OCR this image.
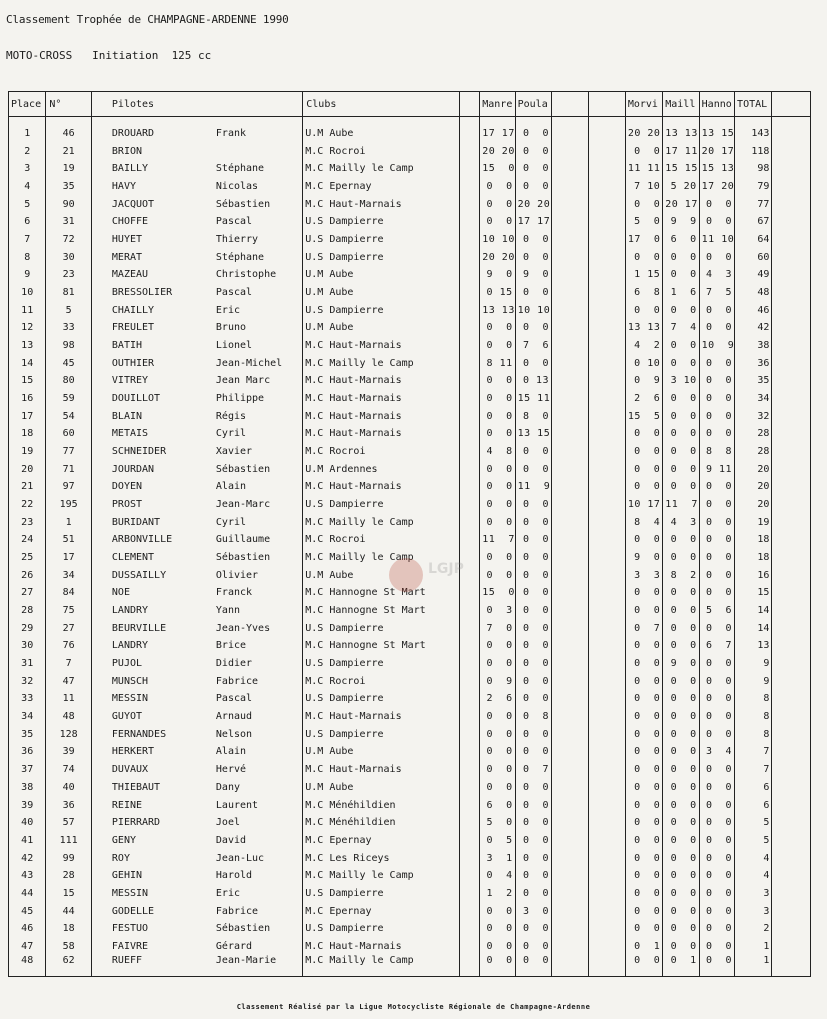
Classement Trophée de CHAMPAGNE-ARDENNE 1990
MOTO-CROSS   Initiation  125 cc
Place	N°	Pilotes	Clubs		Manre	Poula			Morvi	Maill	Hanno	TOTAL	

1	46	DROUARD Frank	U.M Aube		17 17	0  0			20 20	13 13	13 15	143	
2	21	BRION	M.C Rocroi		20 20	0  0			0  0	17 11	20 17	118	
3	19	BAILLY Stéphane	M.C Mailly le Camp		15  0	0  0			11 11	15 15	15 13	98	
4	35	HAVY Nicolas	M.C Epernay		0  0	0  0			7 10	5 20	17 20	79	
5	90	JACQUOT Sébastien	M.C Haut-Marnais		0  0	20 20			0  0	20 17	0  0	77	
6	31	CHOFFE Pascal	U.S Dampierre		0  0	17 17			5  0	9  9	0  0	67	
7	72	HUYET Thierry	U.S Dampierre		10 10	0  0			17  0	6  0	11 10	64	
8	30	MERAT Stéphane	U.S Dampierre		20 20	0  0			0  0	0  0	0  0	60	
9	23	MAZEAU Christophe	U.M Aube		9  0	9  0			1 15	0  0	4  3	49	
10	81	BRESSOLIER Pascal	U.M Aube		0 15	0  0			6  8	1  6	7  5	48	
11	5	CHAILLY Eric	U.S Dampierre		13 13	10 10			0  0	0  0	0  0	46	
12	33	FREULET Bruno	U.M Aube		0  0	0  0			13 13	7  4	0  0	42	
13	98	BATIH Lionel	M.C Haut-Marnais		0  0	7  6			4  2	0  0	10  9	38	
14	45	OUTHIER Jean-Michel	M.C Mailly le Camp		8 11	0  0			0 10	0  0	0  0	36	
15	80	VITREY Jean Marc	M.C Haut-Marnais		0  0	0 13			0  9	3 10	0  0	35	
16	59	DOUILLOT Philippe	M.C Haut-Marnais		0  0	15 11			2  6	0  0	0  0	34	
17	54	BLAIN Régis	M.C Haut-Marnais		0  0	8  0			15  5	0  0	0  0	32	
18	60	METAIS Cyril	M.C Haut-Marnais		0  0	13 15			0  0	0  0	0  0	28	
19	77	SCHNEIDER Xavier	M.C Rocroi		4  8	0  0			0  0	0  0	8  8	28	
20	71	JOURDAN Sébastien	U.M Ardennes		0  0	0  0			0  0	0  0	9 11	20	
21	97	DOYEN Alain	M.C Haut-Marnais		0  0	11  9			0  0	0  0	0  0	20	
22	195	PROST Jean-Marc	U.S Dampierre		0  0	0  0			10 17	11  7	0  0	20	
23	1	BURIDANT Cyril	M.C Mailly le Camp		0  0	0  0			8  4	4  3	0  0	19	
24	51	ARBONVILLE Guillaume	M.C Rocroi		11  7	0  0			0  0	0  0	0  0	18	
25	17	CLEMENT Sébastien	M.C Mailly le Camp		0  0	0  0			9  0	0  0	0  0	18	
26	34	DUSSAILLY Olivier	U.M Aube		0  0	0  0			3  3	8  2	0  0	16	
27	84	NOE Franck	M.C Hannogne St Mart		15  0	0  0			0  0	0  0	0  0	15	
28	75	LANDRY Yann	M.C Hannogne St Mart		0  3	0  0			0  0	0  0	5  6	14	
29	27	BEURVILLE Jean-Yves	U.S Dampierre		7  0	0  0			0  7	0  0	0  0	14	
30	76	LANDRY Brice	M.C Hannogne St Mart		0  0	0  0			0  0	0  0	6  7	13	
31	7	PUJOL Didier	U.S Dampierre		0  0	0  0			0  0	9  0	0  0	9	
32	47	MUNSCH Fabrice	M.C Rocroi		0  9	0  0			0  0	0  0	0  0	9	
33	11	MESSIN Pascal	U.S Dampierre		2  6	0  0			0  0	0  0	0  0	8	
34	48	GUYOT Arnaud	M.C Haut-Marnais		0  0	0  8			0  0	0  0	0  0	8	
35	128	FERNANDES Nelson	U.S Dampierre		0  0	0  0			0  0	0  0	0  0	8	
36	39	HERKERT Alain	U.M Aube		0  0	0  0			0  0	0  0	3  4	7	
37	74	DUVAUX Hervé	M.C Haut-Marnais		0  0	0  7			0  0	0  0	0  0	7	
38	40	THIEBAUT Dany	U.M Aube		0  0	0  0			0  0	0  0	0  0	6	
39	36	REINE Laurent	M.C Ménéhildien		6  0	0  0			0  0	0  0	0  0	6	
40	57	PIERRARD Joel	M.C Ménéhildien		5  0	0  0			0  0	0  0	0  0	5	
41	111	GENY David	M.C Epernay		0  5	0  0			0  0	0  0	0  0	5	
42	99	ROY Jean-Luc	M.C Les Riceys		3  1	0  0			0  0	0  0	0  0	4	
43	28	GEHIN Harold	M.C Mailly le Camp		0  4	0  0			0  0	0  0	0  0	4	
44	15	MESSIN Eric	U.S Dampierre		1  2	0  0			0  0	0  0	0  0	3	
45	44	GODELLE Fabrice	M.C Epernay		0  0	3  0			0  0	0  0	0  0	3	
46	18	FESTUO Sébastien	U.S Dampierre		0  0	0  0			0  0	0  0	0  0	2	
47	58	FAIVRE Gérard	M.C Haut-Marnais		0  0	0  0			0  1	0  0	0  0	1	
48	62	RUEFF Jean-Marie	M.C Mailly le Camp		0  0	0  0			0  0	0  1	0  0	1	
LGJP
Classement Réalisé par la Ligue Motocycliste Régionale de Champagne-Ardenne
